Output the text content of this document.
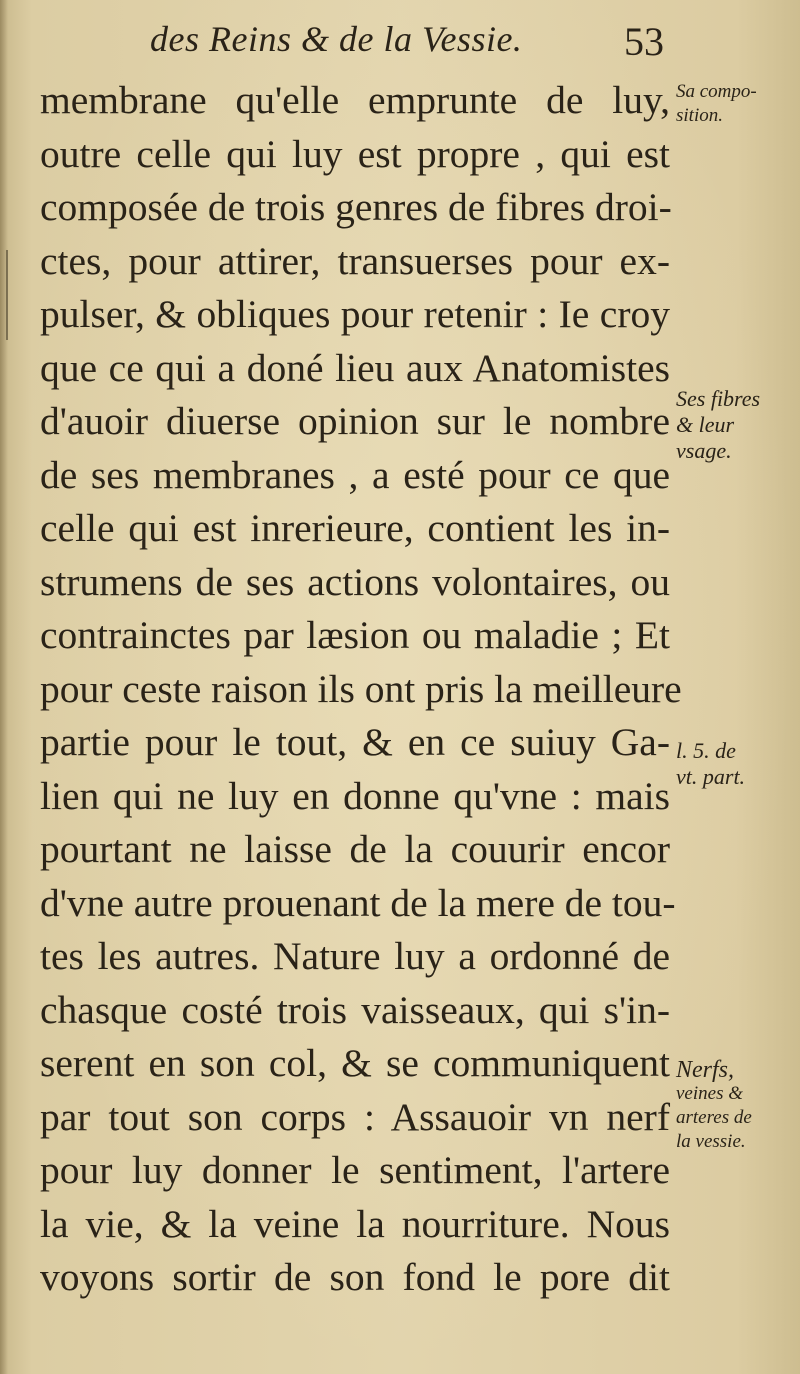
des Reins & de la Vessie.	53
membrane qu'elle emprunte de luy,
outre celle qui luy est propre , qui est
composée de trois genres de fibres droi-
ctes, pour attirer, transuerses pour ex-
pulser, & obliques pour retenir : Ie croy
que ce qui a doné lieu aux Anatomistes
d'auoir diuerse opinion sur le nombre
de ses membranes , a esté pour ce que
celle qui est inrerieure, contient les in-
strumens de ses actions volontaires, ou
contrainctes par læsion ou maladie ; Et
pour ceste raison ils ont pris la meilleure
partie pour le tout, & en ce suiuy Ga-
lien qui ne luy en donne qu'vne : mais
pourtant ne laisse de la couurir encor
d'vne autre prouenant de la mere de tou-
tes les autres. Nature luy a ordonné de
chasque costé trois vaisseaux, qui s'in-
serent en son col, & se communiquent
par tout son corps : Assauoir vn nerf
pour luy donner le sentiment, l'artere
la vie, & la veine la nourriture. Nous
voyons sortir de son fond le pore dit
Sa compo-
sition.
Ses fibres
& leur
vsage.
l. 5. de
vt. part.
Nerfs,
veines &
arteres de
la vessie.
